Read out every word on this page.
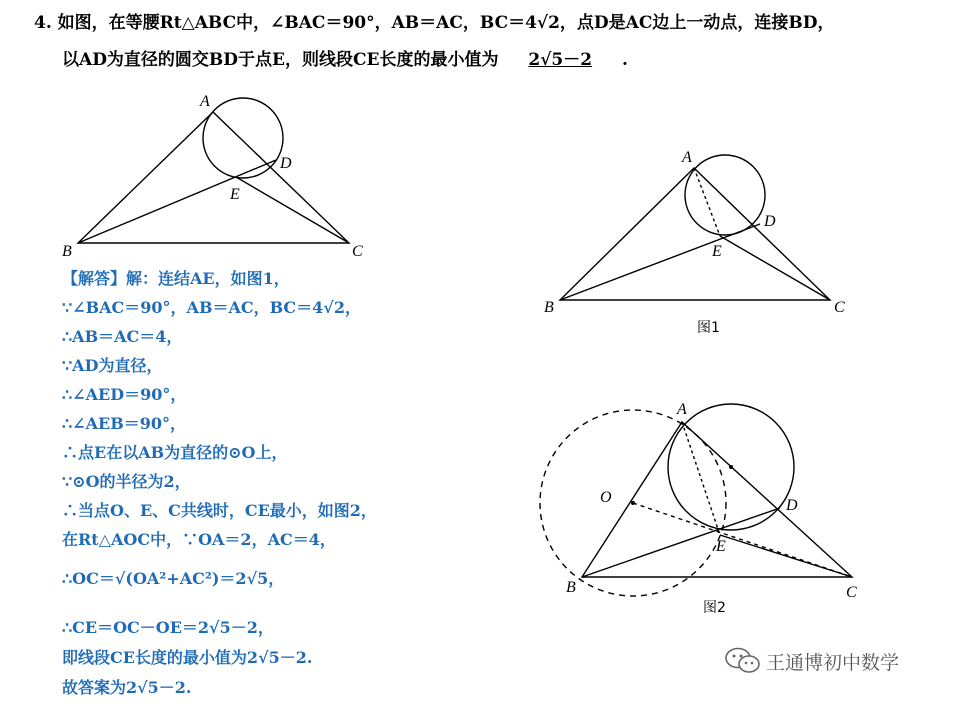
4. 如图，在等腰Rt△ABC中，∠BAC＝90°，AB＝AC，BC＝4√2，点D是AC边上一动点，连接BD，
以AD为直径的圆交BD于点E，则线段CE长度的最小值为 2√5－2 .
A
B	C
D
E
A
B	C
D
E
图1
A
B	C
D
E
O
图2
【解答】解：连结AE，如图1，
∵∠BAC＝90°，AB＝AC，BC＝4√2，
∴AB＝AC＝4，
∵AD为直径，
∴∠AED＝90°，
∴∠AEB＝90°，
∴点E在以AB为直径的⊙O上，
∵⊙O的半径为2，
∴当点O、E、C共线时，CE最小，如图2，
在Rt△AOC中，∵OA＝2，AC＝4，
∴OC＝√(OA²+AC²)＝2√5，
∴CE＝OC－OE＝2√5－2，
即线段CE长度的最小值为2√5－2.
故答案为2√5－2.
王通博初中数学
